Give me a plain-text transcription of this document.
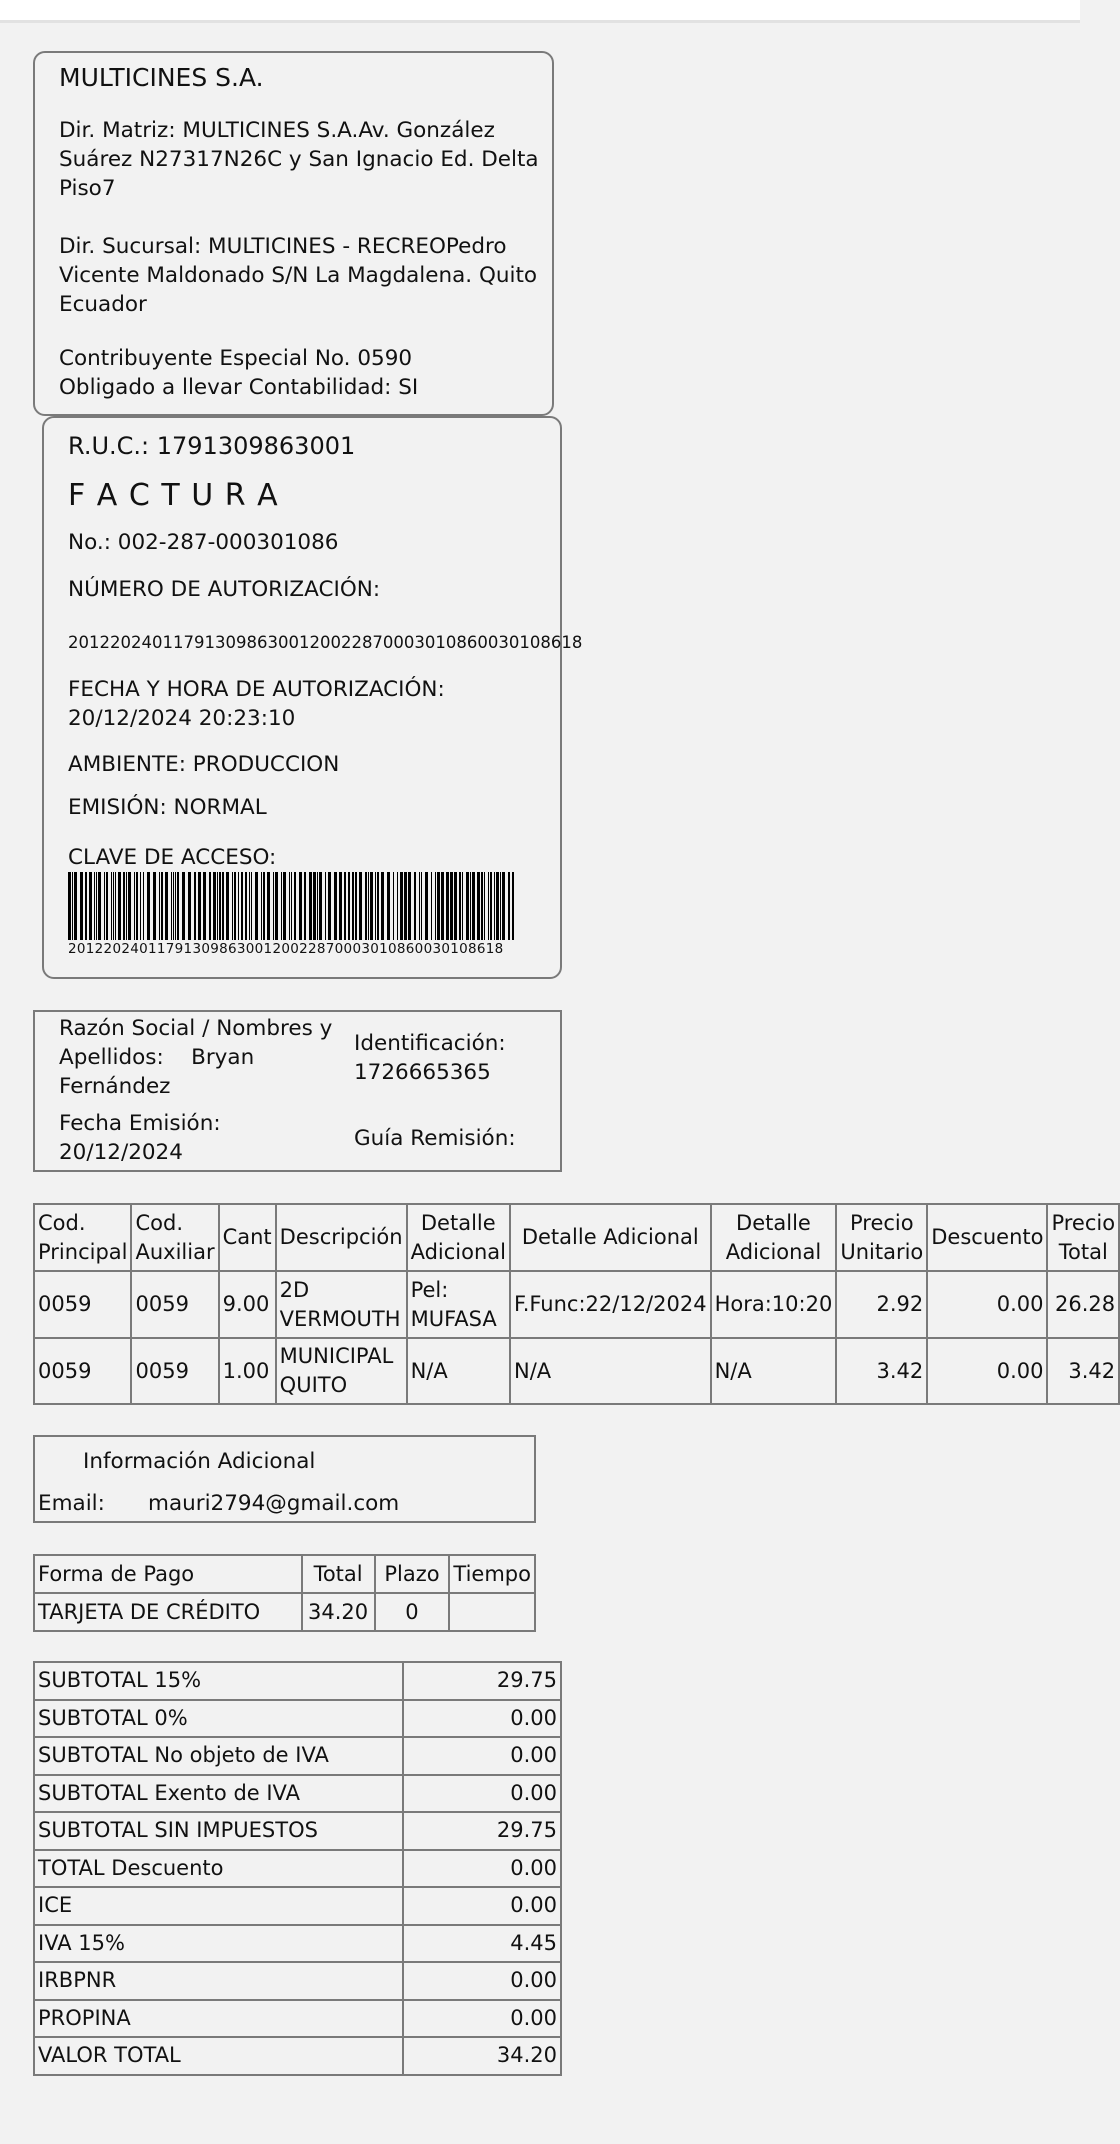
MULTICINES S.A.
Dir. Matriz: MULTICINES S.A.Av. González Suárez N27317N26C y San Ignacio Ed. Delta Piso7
Dir. Sucursal: MULTICINES - RECREOPedro Vicente Maldonado S/N La Magdalena. Quito Ecuador
Contribuyente Especial No. 0590
Obligado a llevar Contabilidad: SI
R.U.C.: 1791309863001
F A C T U R A
No.: 002-287-000301086
NÚMERO DE AUTORIZACIÓN:
2012202401179130986300120022870003010860030108618
FECHA Y HORA DE AUTORIZACIÓN: 20/12/2024 20:23:10
AMBIENTE: PRODUCCION
EMISIÓN: NORMAL
CLAVE DE ACCESO:
2012202401179130986300120022870003010860030108618
Razón Social / Nombres y Apellidos: Bryan Fernández
Identificación:
1726665365
Fecha Emisión:
20/12/2024
Guía Remisión:
Cod. Principal	Cod. Auxiliar	Cant	Descripción	Detalle Adicional	Detalle Adicional	Detalle Adicional	Precio Unitario	Descuento	Precio Total
0059	0059	9.00	2D VERMOUTH	Pel: MUFASA	F.Func:22/12/2024	Hora:10:20	2.92	0.00	26.28
0059	0059	1.00	MUNICIPAL QUITO	N/A	N/A	N/A	3.42	0.00	3.42
Información Adicional
Email: mauri2794@gmail.com
Forma de Pago	Total	Plazo	Tiempo
TARJETA DE CRÉDITO	34.20	0	
SUBTOTAL 15%	29.75
SUBTOTAL 0%	0.00
SUBTOTAL No objeto de IVA	0.00
SUBTOTAL Exento de IVA	0.00
SUBTOTAL SIN IMPUESTOS	29.75
TOTAL Descuento	0.00
ICE	0.00
IVA 15%	4.45
IRBPNR	0.00
PROPINA	0.00
VALOR TOTAL	34.20
